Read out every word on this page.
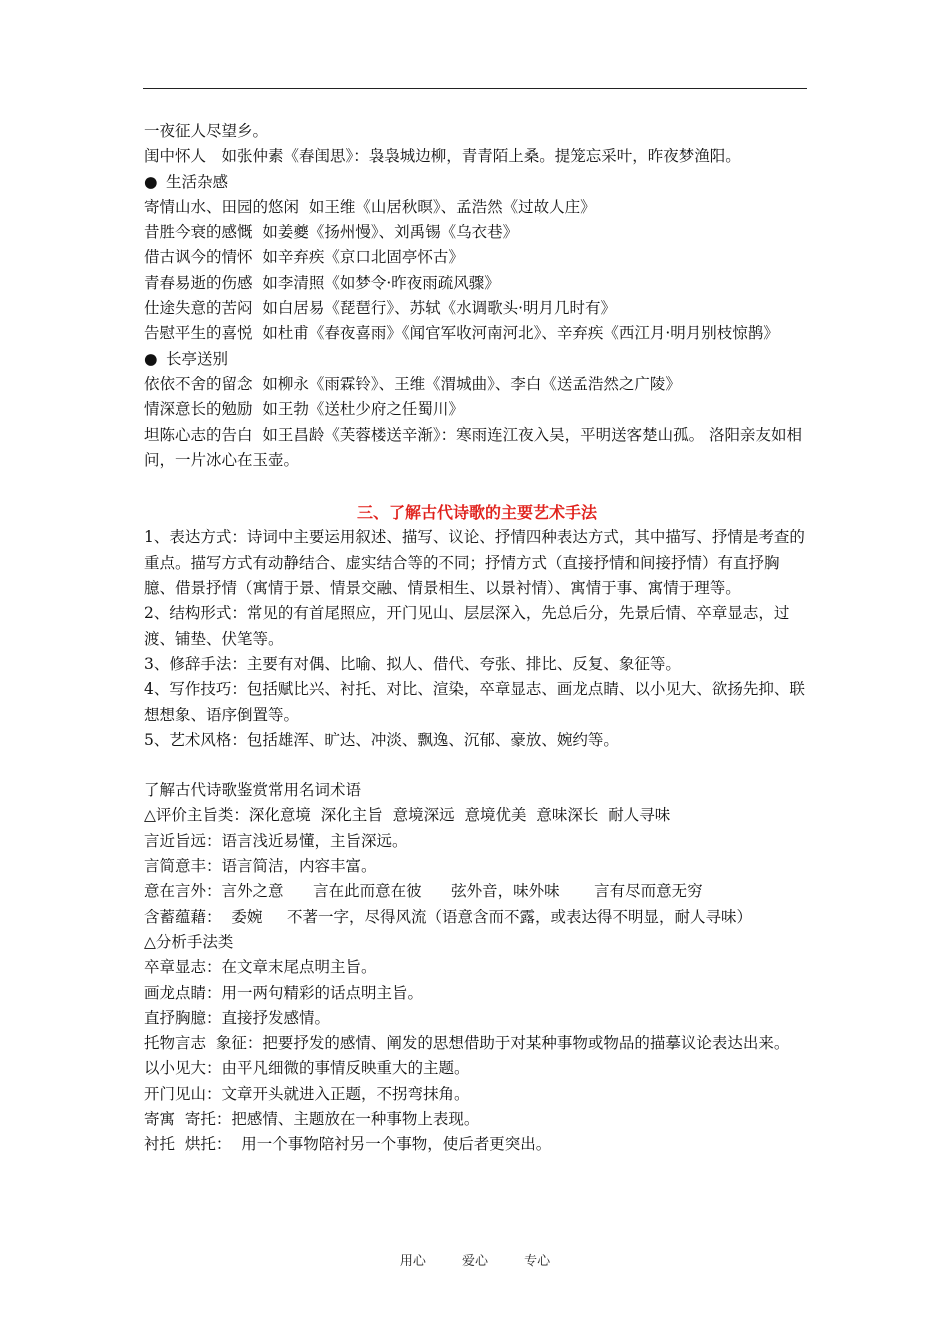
一夜征人尽望乡。
闺中怀人　如张仲素《春闺思》：袅袅城边柳，青青陌上桑。提笼忘采叶，昨夜梦渔阳。
● 生活杂感
寄情山水、田园的悠闲  如王维《山居秋暝》、孟浩然《过故人庄》
昔胜今衰的感慨  如姜夔《扬州慢》、刘禹锡《乌衣巷》
借古讽今的情怀  如辛弃疾《京口北固亭怀古》
青春易逝的伤感  如李清照《如梦令·昨夜雨疏风骤》
仕途失意的苦闷  如白居易《琵琶行》、苏轼《水调歌头·明月几时有》
告慰平生的喜悦  如杜甫《春夜喜雨》《闻官军收河南河北》、辛弃疾《西江月·明月别枝惊鹊》
● 长亭送别
依依不舍的留念  如柳永《雨霖铃》、王维《渭城曲》、李白《送孟浩然之广陵》
情深意长的勉励  如王勃《送杜少府之任蜀川》
坦陈心志的告白  如王昌龄《芙蓉楼送辛渐》：寒雨连江夜入吴，平明送客楚山孤。 洛阳亲友如相问，一片冰心在玉壶。
三、了解古代诗歌的主要艺术手法
1、表达方式：诗词中主要运用叙述、描写、议论、抒情四种表达方式，其中描写、抒情是考查的重点。描写方式有动静结合、虚实结合等的不同；抒情方式（直接抒情和间接抒情）有直抒胸臆、借景抒情（寓情于景、情景交融、情景相生、以景衬情）、寓情于事、寓情于理等。
2、结构形式：常见的有首尾照应，开门见山、层层深入，先总后分，先景后情、卒章显志，过渡、铺垫、伏笔等。
3、修辞手法：主要有对偶、比喻、拟人、借代、夸张、排比、反复、象征等。
4、写作技巧：包括赋比兴、衬托、对比、渲染，卒章显志、画龙点睛、以小见大、欲扬先抑、联想想象、语序倒置等。
5、艺术风格：包括雄浑、旷达、冲淡、飘逸、沉郁、豪放、婉约等。
了解古代诗歌鉴赏常用名词术语
△评价主旨类：深化意境  深化主旨  意境深远  意境优美  意味深长  耐人寻味
言近旨远：语言浅近易懂，主旨深远。
言简意丰：语言简洁，内容丰富。
意在言外：言外之意      言在此而意在彼      弦外音，味外味       言有尽而意无穷
含蓄蕴藉：  委婉     不著一字，尽得风流（语意含而不露，或表达得不明显，耐人寻味）
△分析手法类
卒章显志：在文章末尾点明主旨。
画龙点睛：用一两句精彩的话点明主旨。
直抒胸臆：直接抒发感情。
托物言志  象征：把要抒发的感情、阐发的思想借助于对某种事物或物品的描摹议论表达出来。
以小见大：由平凡细微的事情反映重大的主题。
开门见山：文章开头就进入正题，不拐弯抹角。
寄寓  寄托：把感情、主题放在一种事物上表现。
衬托  烘托：  用一个事物陪衬另一个事物，使后者更突出。
用心	爱心	专心
